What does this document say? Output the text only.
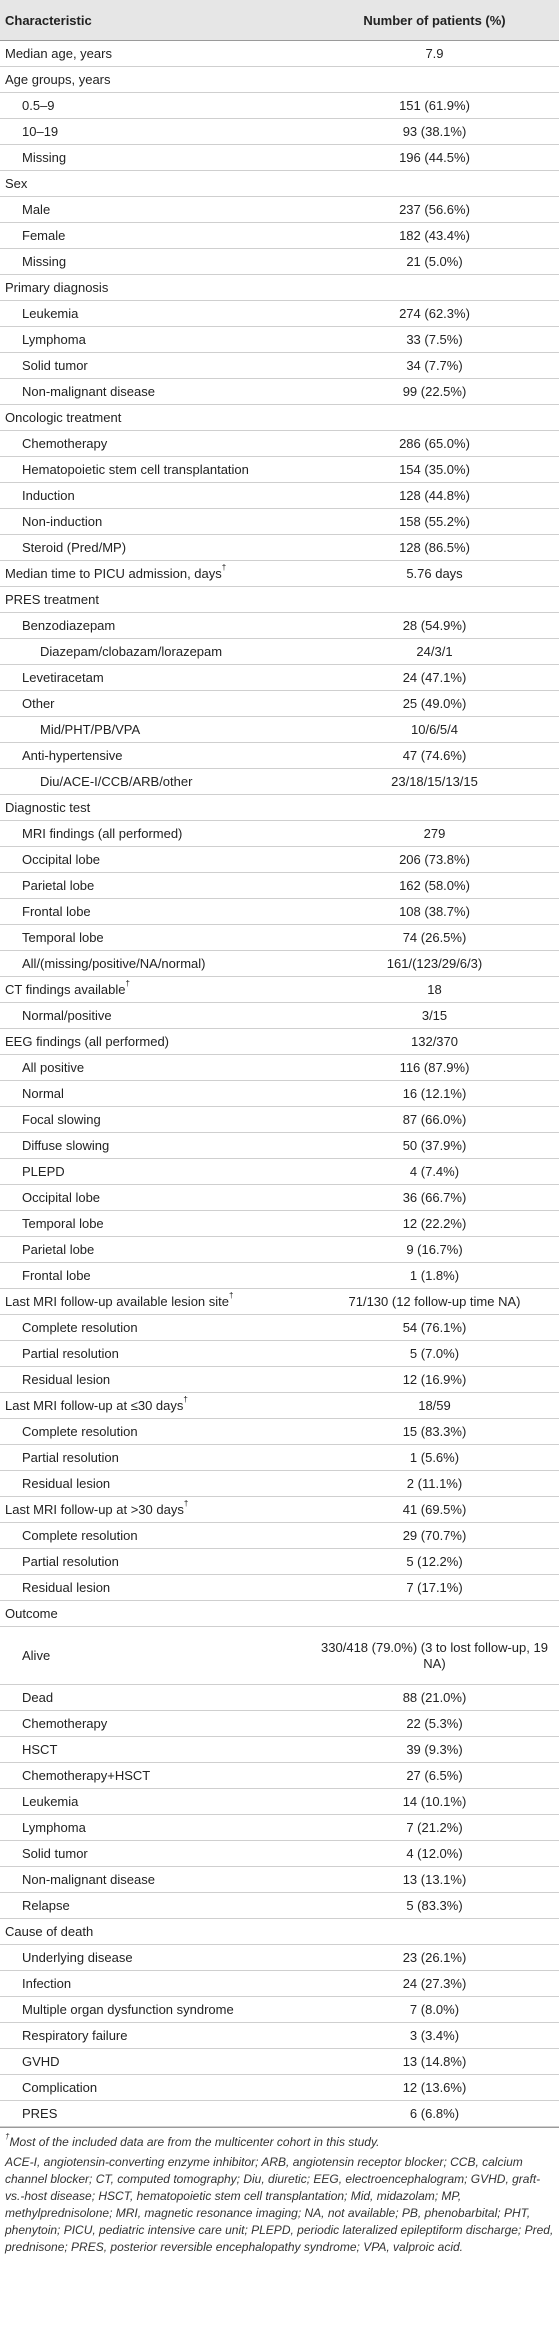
Characteristic	Number of patients (%)
Median age, years	7.9
Age groups, years	
0.5–9	151 (61.9%)
10–19	93 (38.1%)
Missing	196 (44.5%)
Sex	
Male	237 (56.6%)
Female	182 (43.4%)
Missing	21 (5.0%)
Primary diagnosis	
Leukemia	274 (62.3%)
Lymphoma	33 (7.5%)
Solid tumor	34 (7.7%)
Non-malignant disease	99 (22.5%)
Oncologic treatment	
Chemotherapy	286 (65.0%)
Hematopoietic stem cell transplantation	154 (35.0%)
Induction	128 (44.8%)
Non-induction	158 (55.2%)
Steroid (Pred/MP)	128 (86.5%)
Median time to PICU admission, days†	5.76 days
PRES treatment	
Benzodiazepam	28 (54.9%)
Diazepam/clobazam/lorazepam	24/3/1
Levetiracetam	24 (47.1%)
Other	25 (49.0%)
Mid/PHT/PB/VPA	10/6/5/4
Anti-hypertensive	47 (74.6%)
Diu/ACE-I/CCB/ARB/other	23/18/15/13/15
Diagnostic test	
MRI findings (all performed)	279
Occipital lobe	206 (73.8%)
Parietal lobe	162 (58.0%)
Frontal lobe	108 (38.7%)
Temporal lobe	74 (26.5%)
All/(missing/positive/NA/normal)	161/(123/29/6/3)
CT findings available†	18
Normal/positive	3/15
EEG findings (all performed)	132/370
All positive	116 (87.9%)
Normal	16 (12.1%)
Focal slowing	87 (66.0%)
Diffuse slowing	50 (37.9%)
PLEPD	4 (7.4%)
Occipital lobe	36 (66.7%)
Temporal lobe	12 (22.2%)
Parietal lobe	9 (16.7%)
Frontal lobe	1 (1.8%)
Last MRI follow-up available lesion site†	71/130 (12 follow-up time NA)
Complete resolution	54 (76.1%)
Partial resolution	5 (7.0%)
Residual lesion	12 (16.9%)
Last MRI follow-up at ≤30 days†	18/59
Complete resolution	15 (83.3%)
Partial resolution	1 (5.6%)
Residual lesion	2 (11.1%)
Last MRI follow-up at >30 days†	41 (69.5%)
Complete resolution	29 (70.7%)
Partial resolution	5 (12.2%)
Residual lesion	7 (17.1%)
Outcome	
Alive	330/418 (79.0%) (3 to lost follow-up, 19 NA)
Dead	88 (21.0%)
Chemotherapy	22 (5.3%)
HSCT	39 (9.3%)
Chemotherapy+HSCT	27 (6.5%)
Leukemia	14 (10.1%)
Lymphoma	7 (21.2%)
Solid tumor	4 (12.0%)
Non-malignant disease	13 (13.1%)
Relapse	5 (83.3%)
Cause of death	
Underlying disease	23 (26.1%)
Infection	24 (27.3%)
Multiple organ dysfunction syndrome	7 (8.0%)
Respiratory failure	3 (3.4%)
GVHD	13 (14.8%)
Complication	12 (13.6%)
PRES	6 (6.8%)

†Most of the included data are from the multicenter cohort in this study.

ACE-I, angiotensin-converting enzyme inhibitor; ARB, angiotensin receptor blocker; CCB, calcium channel blocker; CT, computed tomography; Diu, diuretic; EEG, electroencephalogram; GVHD, graft-vs.-host disease; HSCT, hematopoietic stem cell transplantation; Mid, midazolam; MP, methylprednisolone; MRI, magnetic resonance imaging; NA, not available; PB, phenobarbital; PHT, phenytoin; PICU, pediatric intensive care unit; PLEPD, periodic lateralized epileptiform discharge; Pred, prednisone; PRES, posterior reversible encephalopathy syndrome; VPA, valproic acid.
